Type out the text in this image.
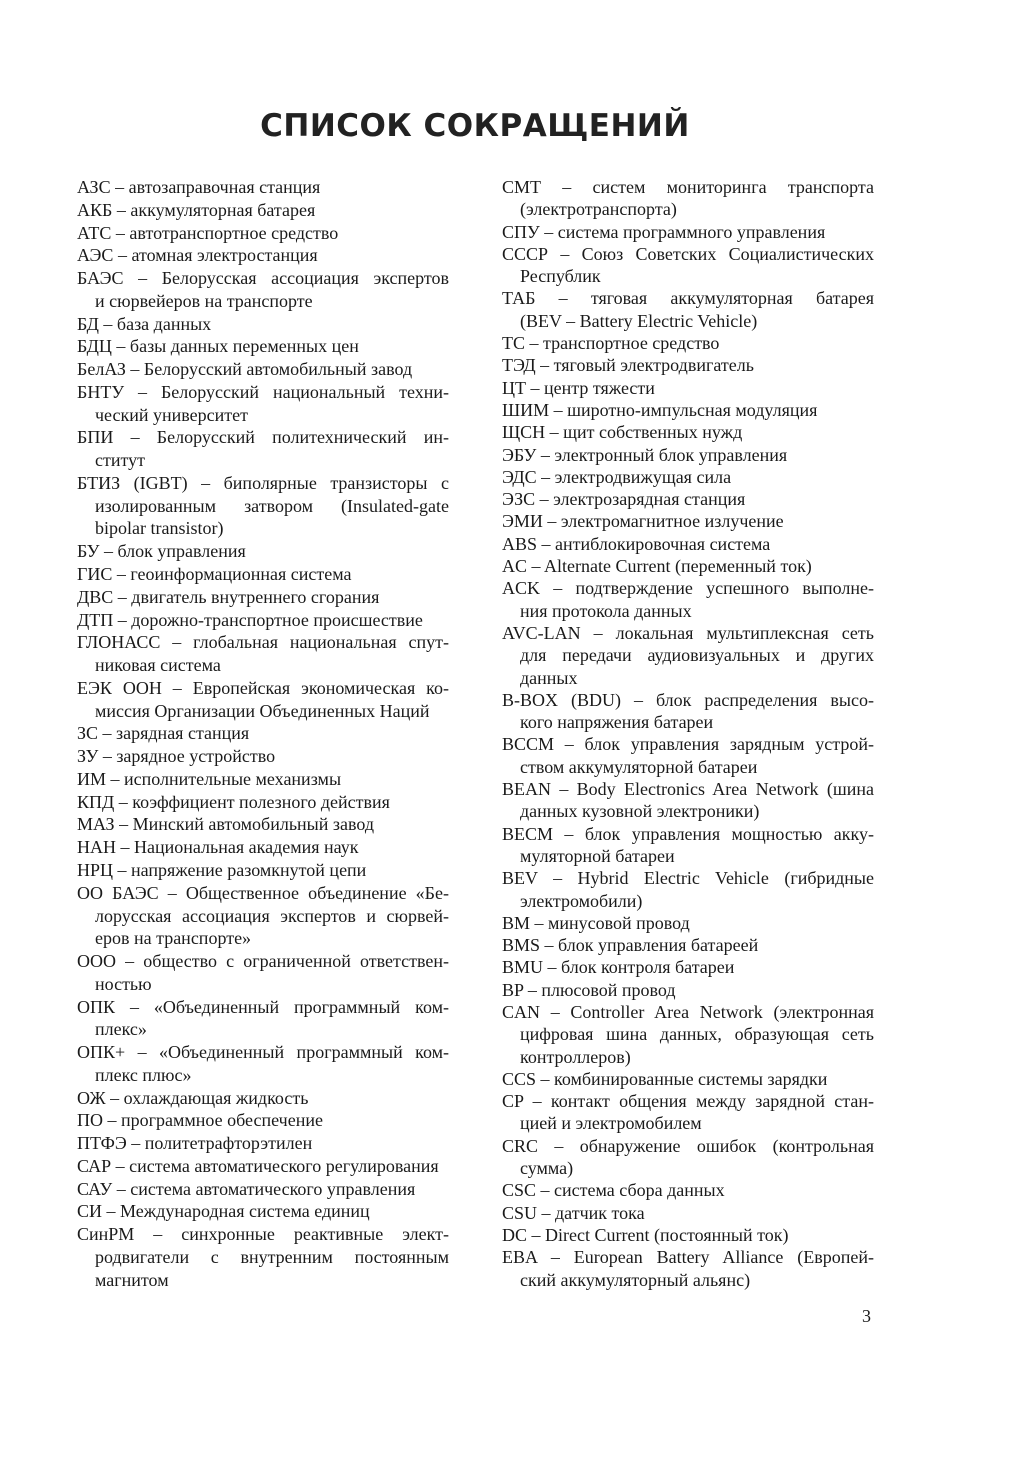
СПИСОК СОКРАЩЕНИЙ
АЗС – автозаправочная станция
АКБ – аккумуляторная батарея
АТС – автотранспортное средство
АЭС – атомная электростанция
БАЭС – Белорусская ассоциация экспертов
и сюрвейеров на транспорте
БД – база данных
БДЦ – базы данных переменных цен
БелАЗ – Белорусский автомобильный завод
БНТУ – Белорусский национальный техни-
ческий университет
БПИ – Белорусский политехнический ин-
ститут
БТИЗ (IGBT) – биполярные транзисторы с
изолированным затвором (Insulated-gate
bipolar transistor)
БУ – блок управления
ГИС – геоинформационная система
ДВС – двигатель внутреннего сгорания
ДТП – дорожно-транспортное происшествие
ГЛОНАСС – глобальная национальная спут-
никовая система
ЕЭК ООН – Европейская экономическая ко-
миссия Организации Объединенных Наций
ЗС – зарядная станция
ЗУ – зарядное устройство
ИМ – исполнительные механизмы
КПД – коэффициент полезного действия
МАЗ – Минский автомобильный завод
НАН – Национальная академия наук
НРЦ – напряжение разомкнутой цепи
ОО БАЭС – Общественное объединение «Бе-
лорусская ассоциация экспертов и сюрвей-
еров на транспорте»
ООО – общество с ограниченной ответствен-
ностью
ОПК – «Объединенный программный ком-
плекс»
ОПК+ – «Объединенный программный ком-
плекс плюс»
ОЖ – охлаждающая жидкость
ПО – программное обеспечение
ПТФЭ – политетрафторэтилен
САР – система автоматического регулирования
САУ – система автоматического управления
СИ – Международная система единиц
СинРМ – синхронные реактивные элект-
родвигатели с внутренним постоянным
магнитом
СМТ – систем мониторинга транспорта
(электротранспорта)
СПУ – система программного управления
СССР – Союз Советских Социалистических
Республик
ТАБ – тяговая аккумуляторная батарея
(BEV – Battery Electric Vehicle)
ТС – транспортное средство
ТЭД – тяговый электродвигатель
ЦТ – центр тяжести
ШИМ – широтно-импульсная модуляция
ЩСН – щит собственных нужд
ЭБУ – электронный блок управления
ЭДС – электродвижущая сила
ЭЗС – электрозарядная станция
ЭМИ – электромагнитное излучение
ABS – антиблокировочная система
AC – Alternate Current (переменный ток)
ACK – подтверждение успешного выполне-
ния протокола данных
AVC-LAN – локальная мультиплексная сеть
для передачи аудиовизуальных и других
данных
B-BOX (BDU) – блок распределения высо-
кого напряжения батареи
BCCM – блок управления зарядным устрой-
ством аккумуляторной батареи
BEAN – Body Electronics Area Network (шина
данных кузовной электроники)
BECM – блок управления мощностью акку-
муляторной батареи
BEV – Hybrid Electric Vehicle (гибридные
электромобили)
BM – минусовой провод
BMS – блок управления батареей
BMU – блок контроля батареи
BP – плюсовой провод
CAN – Controller Area Network (электронная
цифровая шина данных, образующая сеть
контроллеров)
CCS – комбинированные системы зарядки
CP – контакт общения между зарядной стан-
цией и электромобилем
CRC – обнаружение ошибок (контрольная
сумма)
CSC – система сбора данных
CSU – датчик тока
DC – Direct Current (постоянный ток)
EBA – European Battery Alliance (Европей-
ский аккумуляторный альянс)
3
